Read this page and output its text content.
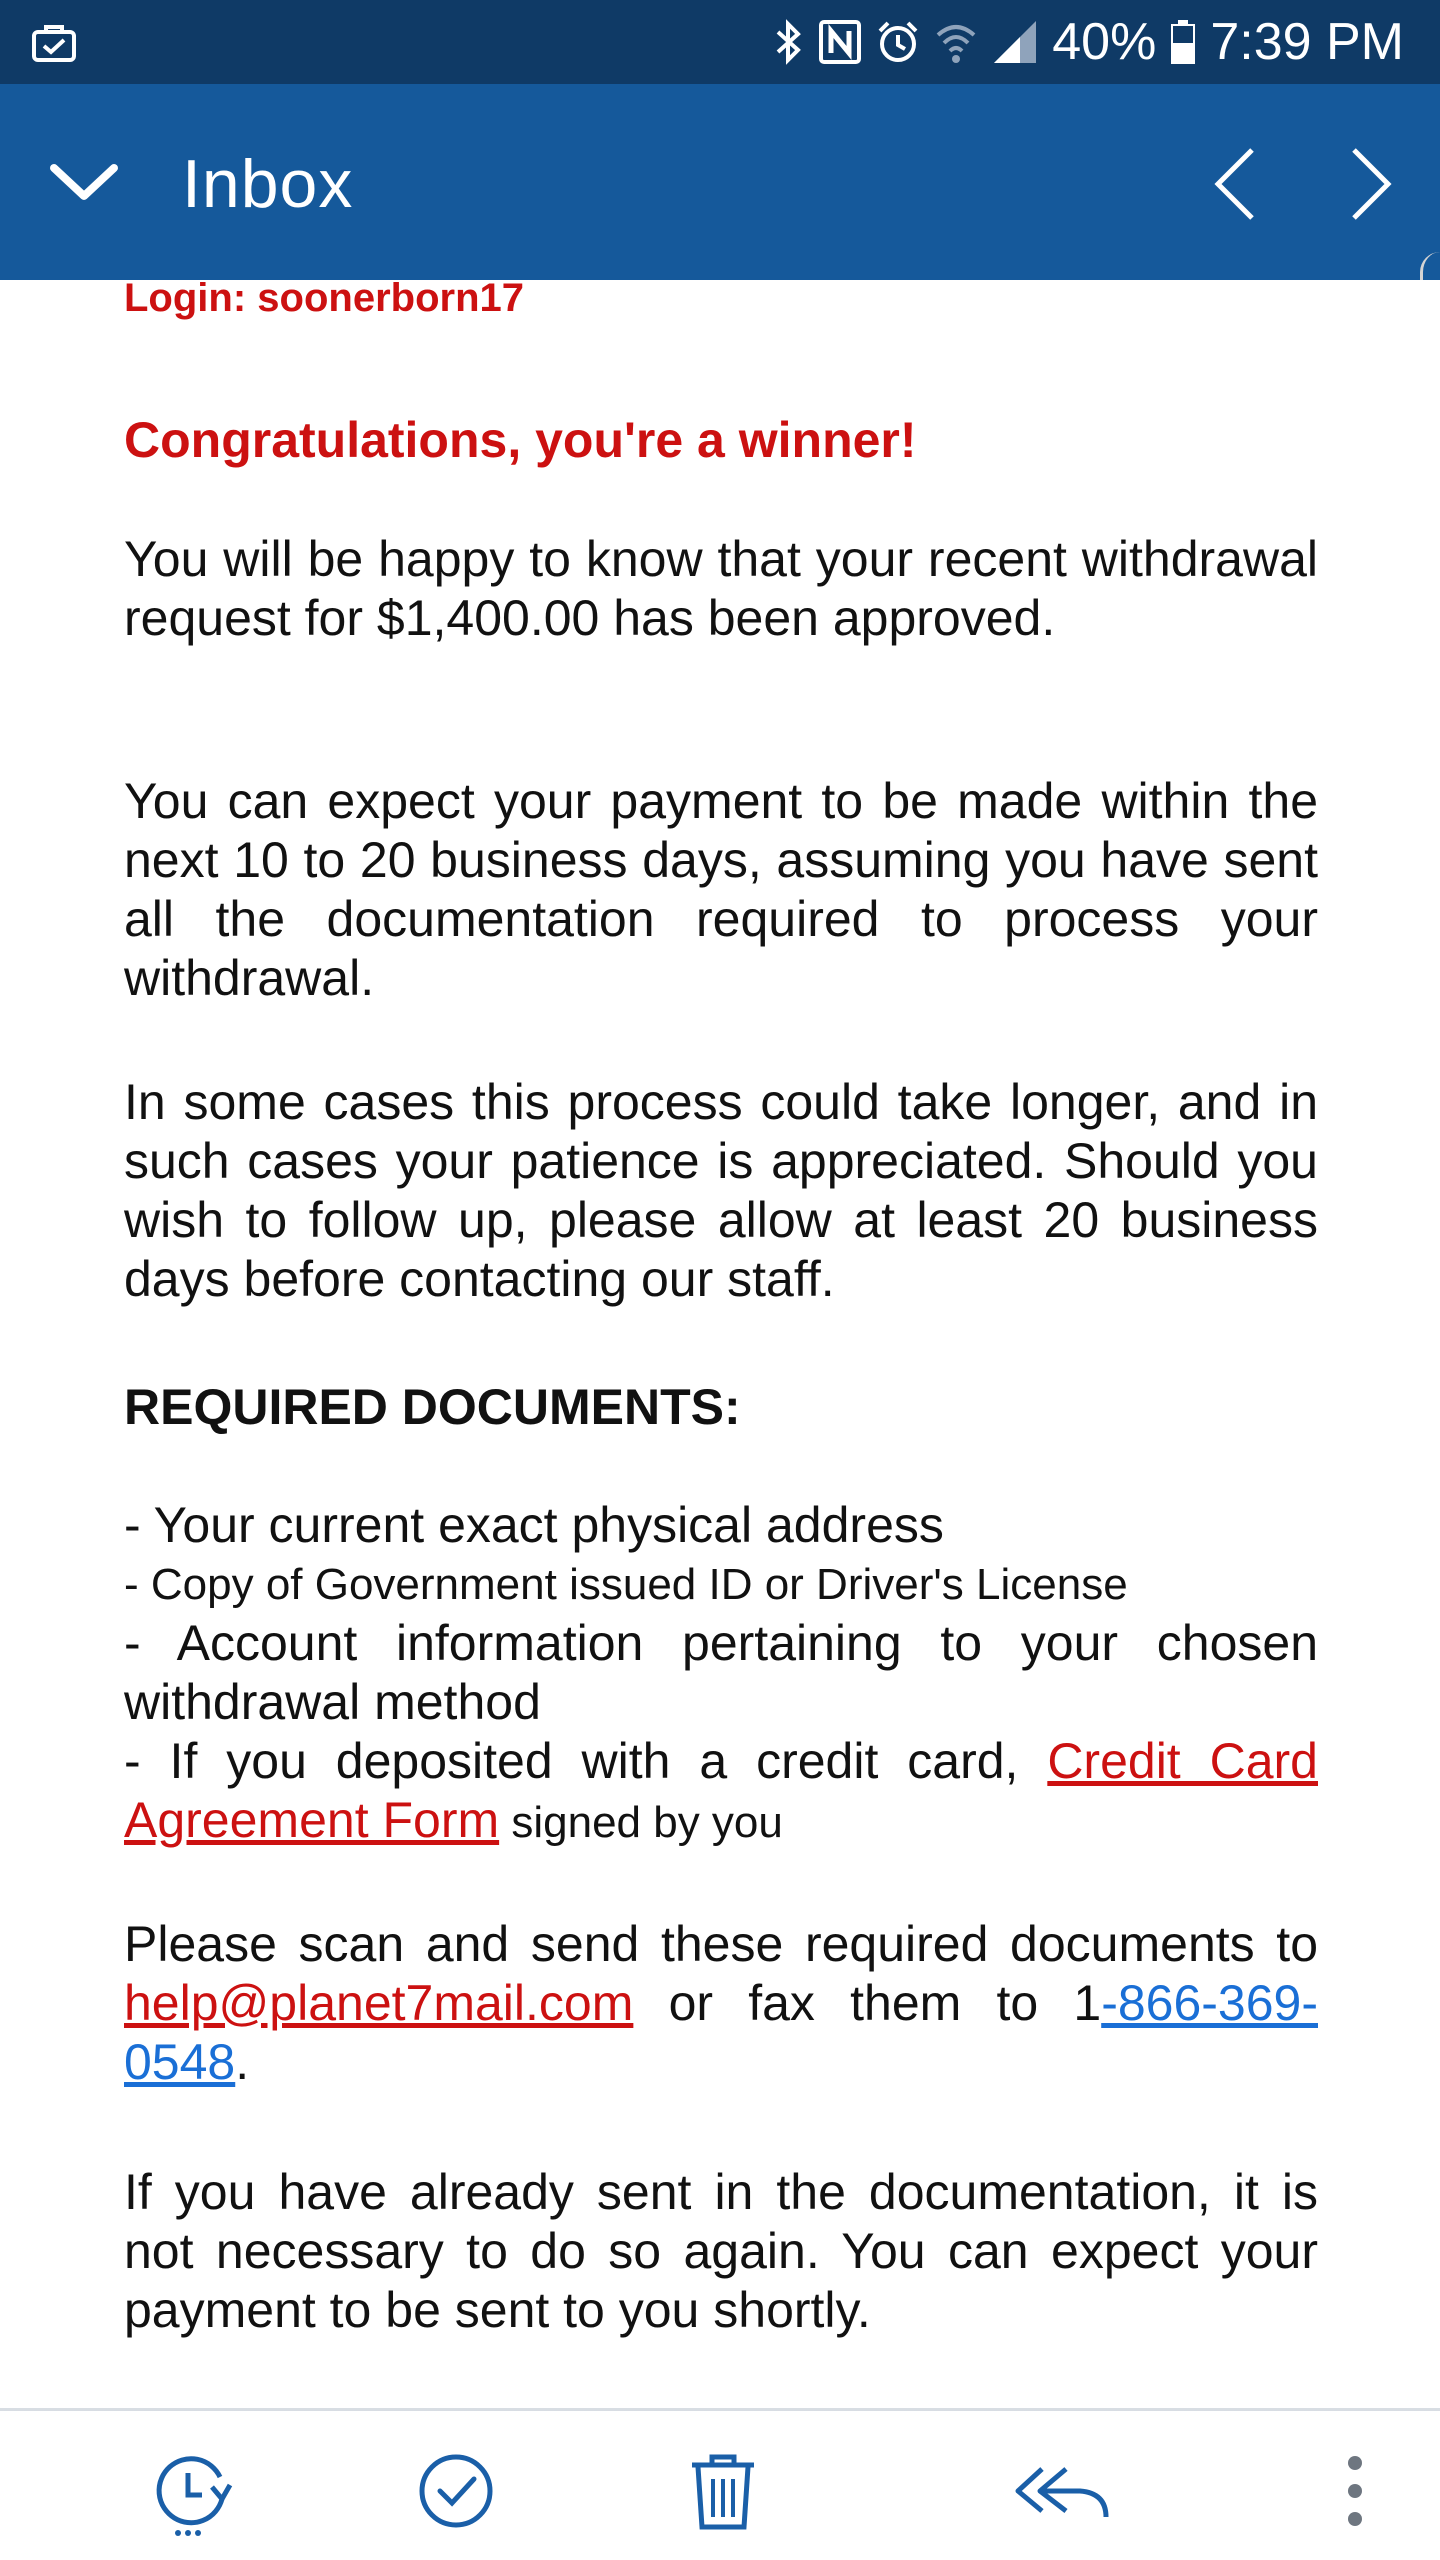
40% 7:39 PM
Inbox
Login: soonerborn17
Congratulations, you're a winner!
You will be happy to know that your recent withdrawal request for $1,400.00 has been approved.
You can expect your payment to be made within the next 10 to 20 business days, assuming you have sent all the documentation required to process your withdrawal.
In some cases this process could take longer, and in such cases your patience is appreciated. Should you wish to follow up, please allow at least 20 business days before contacting our staff.
REQUIRED DOCUMENTS:
- Your current exact physical address
- Copy of Government issued ID or Driver's License
- Account information pertaining to your chosen withdrawal method
- If you deposited with a credit card, Credit Card Agreement Form signed by you
Please scan and send these required documents to help@planet7mail.com or fax them to 1-866-369-0548.
If you have already sent in the documentation, it is not necessary to do so again. You can expect your payment to be sent to you shortly.
